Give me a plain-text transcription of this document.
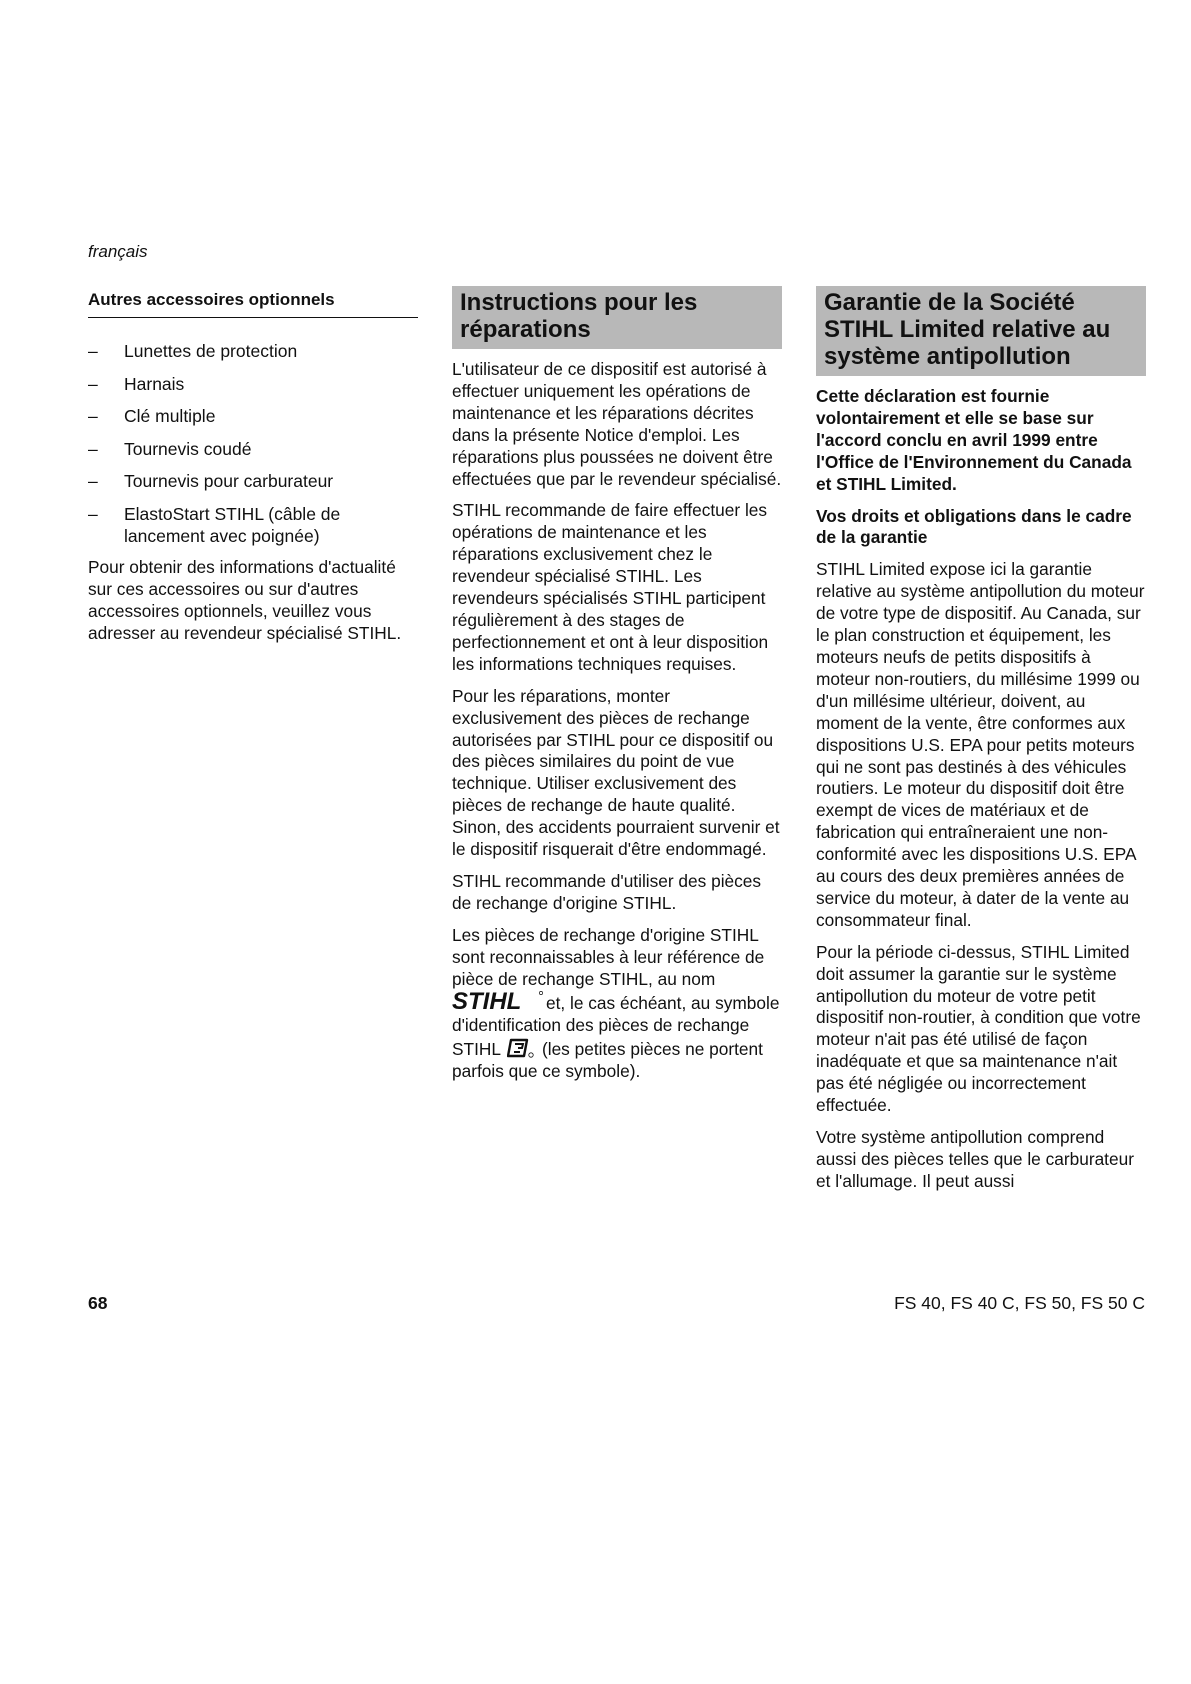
français
Autres accessoires optionnels
– Lunettes de protection
– Harnais
– Clé multiple
– Tournevis coudé
– Tournevis pour carburateur
– ElastoStart STIHL (câble de lancement avec poignée)

Pour obtenir des informations d'actualité sur ces accessoires ou sur d'autres accessoires optionnels, veuillez vous adresser au revendeur spécialisé STIHL.

Instructions pour les réparations

L'utilisateur de ce dispositif est autorisé à effectuer uniquement les opérations de maintenance et les réparations décrites dans la présente Notice d'emploi. Les réparations plus poussées ne doivent être effectuées que par le revendeur spécialisé.

STIHL recommande de faire effectuer les opérations de maintenance et les réparations exclusivement chez le revendeur spécialisé STIHL. Les revendeurs spécialisés STIHL participent régulièrement à des stages de perfectionnement et ont à leur disposition les informations techniques requises.

Pour les réparations, monter exclusivement des pièces de rechange autorisées par STIHL pour ce dispositif ou des pièces similaires du point de vue technique. Utiliser exclusivement des pièces de rechange de haute qualité. Sinon, des accidents pourraient survenir et le dispositif risquerait d'être endommagé.

STIHL recommande d'utiliser des pièces de rechange d'origine STIHL.

Les pièces de rechange d'origine STIHL sont reconnaissables à leur référence de pièce de rechange STIHL, au nom
STIHL et, le cas échéant, au symbole d'identification des pièces de rechange STIHL (les petites pièces ne portent parfois que ce symbole).

Garantie de la Société STIHL Limited relative au système antipollution

Cette déclaration est fournie volontairement et elle se base sur l'accord conclu en avril 1999 entre l'Office de l'Environnement du Canada et STIHL Limited.

Vos droits et obligations dans le cadre de la garantie

STIHL Limited expose ici la garantie relative au système antipollution du moteur de votre type de dispositif. Au Canada, sur le plan construction et équipement, les moteurs neufs de petits dispositifs à moteur non-routiers, du millésime 1999 ou d'un millésime ultérieur, doivent, au moment de la vente, être conformes aux dispositions U.S. EPA pour petits moteurs qui ne sont pas destinés à des véhicules routiers. Le moteur du dispositif doit être exempt de vices de matériaux et de fabrication qui entraîneraient une non-conformité avec les dispositions U.S. EPA au cours des deux premières années de service du moteur, à dater de la vente au consommateur final.

Pour la période ci-dessus, STIHL Limited doit assumer la garantie sur le système antipollution du moteur de votre petit dispositif non-routier, à condition que votre moteur n'ait pas été utilisé de façon inadéquate et que sa maintenance n'ait pas été négligée ou incorrectement effectuée.

Votre système antipollution comprend aussi des pièces telles que le carburateur et l'allumage. Il peut aussi

68	FS 40, FS 40 C, FS 50, FS 50 C
